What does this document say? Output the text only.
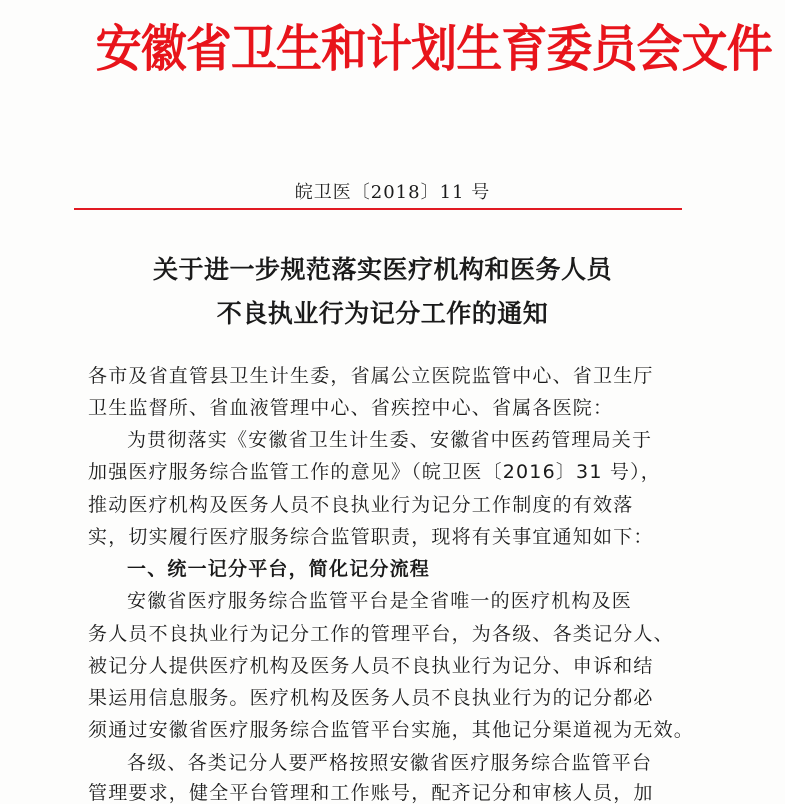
安徽省卫生和计划生育委员会文件
皖卫医〔2018〕11 号
关于进一步规范落实医疗机构和医务人员
不良执业行为记分工作的通知
各市及省直管县卫生计生委，省属公立医院监管中心、省卫生厅
卫生监督所、省血液管理中心、省疾控中心、省属各医院：
为贯彻落实《安徽省卫生计生委、安徽省中医药管理局关于
加强医疗服务综合监管工作的意见》（皖卫医〔2016〕31 号），
推动医疗机构及医务人员不良执业行为记分工作制度的有效落
实，切实履行医疗服务综合监管职责，现将有关事宜通知如下：
一、统一记分平台，简化记分流程
安徽省医疗服务综合监管平台是全省唯一的医疗机构及医
务人员不良执业行为记分工作的管理平台，为各级、各类记分人、
被记分人提供医疗机构及医务人员不良执业行为记分、申诉和结
果运用信息服务。医疗机构及医务人员不良执业行为的记分都必
须通过安徽省医疗服务综合监管平台实施，其他记分渠道视为无效。
各级、各类记分人要严格按照安徽省医疗服务综合监管平台
管理要求，健全平台管理和工作账号，配齐记分和审核人员，加
